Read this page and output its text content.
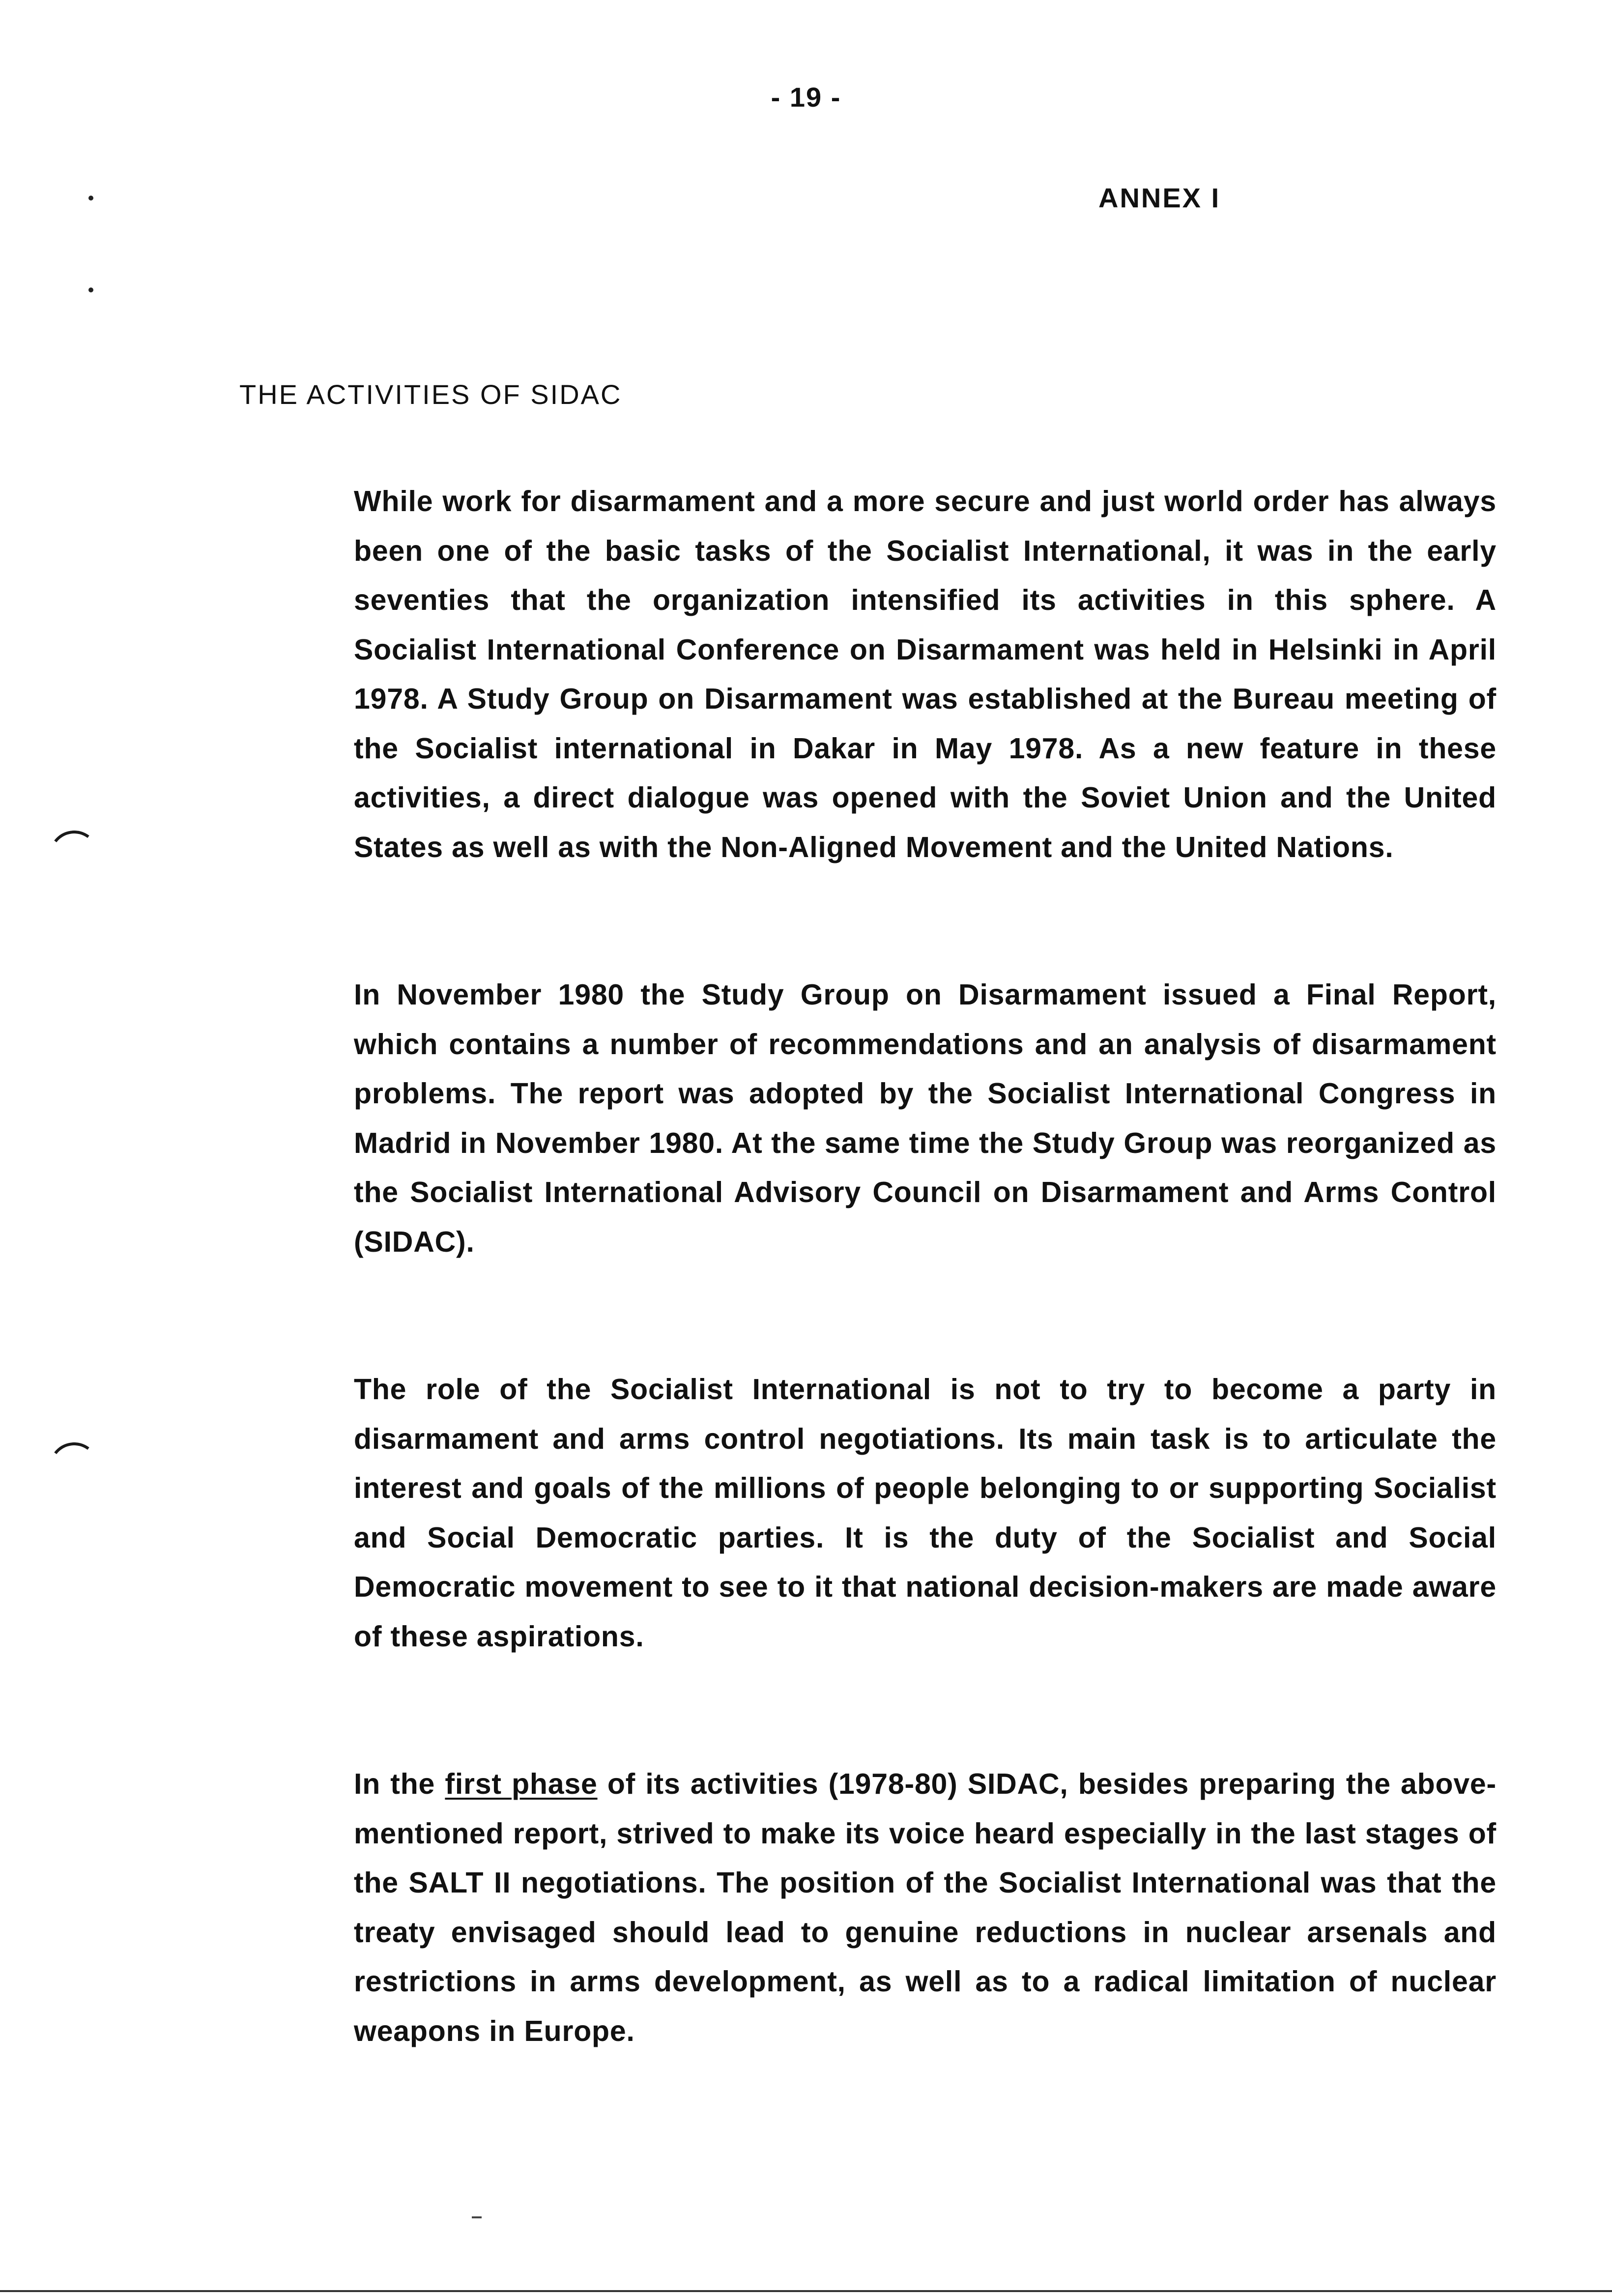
- 19 -
ANNEX I
THE ACTIVITIES OF SIDAC

While work for disarmament and a more secure and just world order has always been one of the basic tasks of the Socialist International, it was in the early seventies that the organization intensified its activities in this sphere. A Socialist International Conference on Disarmament was held in Helsinki in April 1978. A Study Group on Disarmament was established at the Bureau meeting of the Socialist international in Dakar in May 1978. As a new feature in these activities, a direct dialogue was opened with the Soviet Union and the United States as well as with the Non-Aligned Movement and the United Nations.

In November 1980 the Study Group on Disarmament issued a Final Report, which contains a number of recommendations and an analysis of disarmament problems. The report was adopted by the Socialist International Congress in Madrid in November 1980. At the same time the Study Group was reorganized as the Socialist International Advisory Council on Disarmament and Arms Control (SIDAC).

The role of the Socialist International is not to try to become a party in disarmament and arms control negotiations. Its main task is to articulate the interest and goals of the millions of people belonging to or supporting Socialist and Social Democratic parties. It is the duty of the Socialist and Social Democratic movement to see to it that national decision-makers are made aware of these aspirations.

In the first phase of its activities (1978-80) SIDAC, besides preparing the above-mentioned report, strived to make its voice heard especially in the last stages of the SALT II negotiations. The position of the Socialist International was that the treaty envisaged should lead to genuine reductions in nuclear arsenals and restrictions in arms development, as well as to a radical limitation of nuclear weapons in Europe.
